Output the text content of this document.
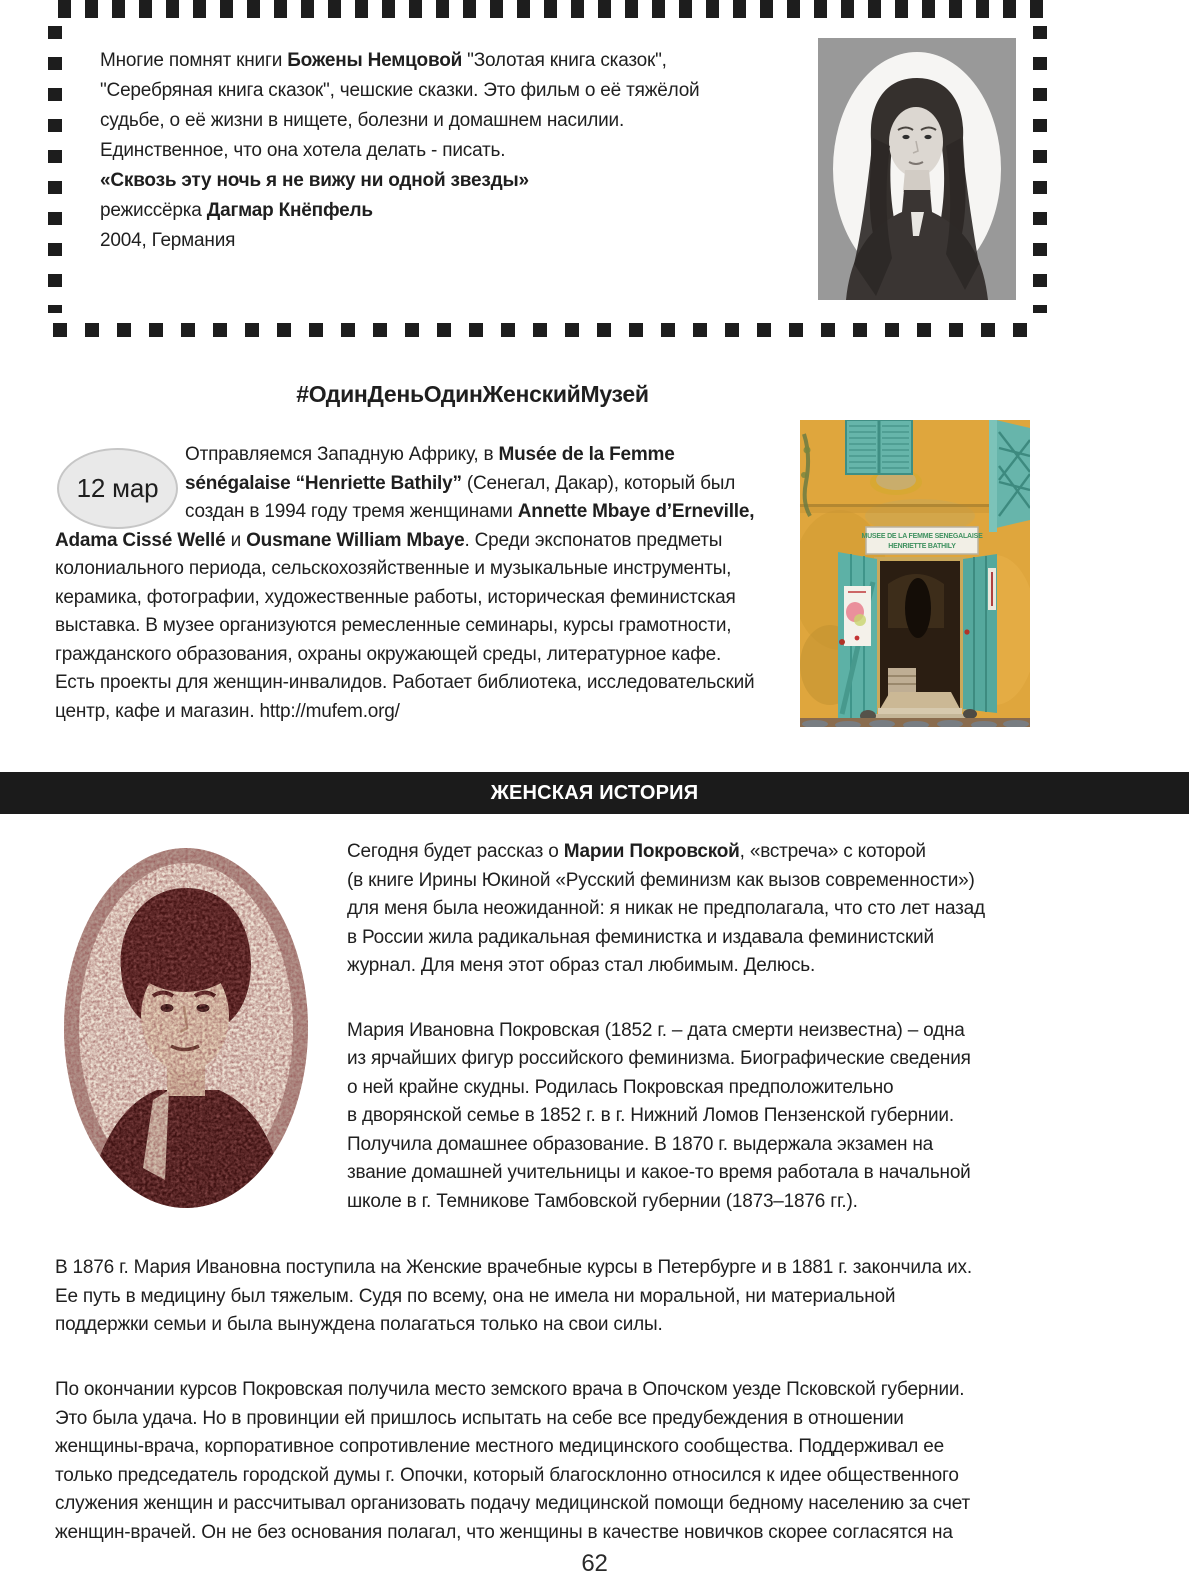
Многие помнят книги Божены Немцовой "Золотая книга сказок",
"Серебряная книга сказок", чешские сказки. Это фильм о её тяжёлой
судьбе, о её жизни в нищете, болезни и домашнем насилии.
Единственное, что она хотела делать - писать.
«Сквозь эту ночь я не вижу ни одной звезды»
режиссёрка Дагмар Кнёпфель
2004, Германия
#ОдинДеньОдинЖенскийМузей
12 мар
MUSEE DE LA FEMME SENEGALAISE
HENRIETTE BATHILY
Отправляемся Западную Африку, в Musée de la Femme
sénégalaise “Henriette Bathily” (Сенегал, Дакар), который был
создан в 1994 году тремя женщинами Annette Mbaye d’Erneville,
Adama Cissé Wellé и Ousmane William Mbaye. Среди экспонатов предметы
колониального периода, сельскохозяйственные и музыкальные инструменты,
керамика, фотографии, художественные работы, историческая феминистская
выставка. В музее организуются ремесленные семинары, курсы грамотности,
гражданского образования, охраны окружающей среды, литературное кафе.
Есть проекты для женщин-инвалидов. Работает библиотека, исследовательский
центр, кафе и магазин. http://mufem.org/
ЖЕНСКАЯ ИСТОРИЯ
Сегодня будет рассказ о Марии Покровской, «встреча» с которой
(в книге Ирины Юкиной «Русский феминизм как вызов современности»)
для меня была неожиданной: я никак не предполагала, что сто лет назад
в России жила радикальная феминистка и издавала феминистский
журнал. Для меня этот образ стал любимым. Делюсь.
Мария Ивановна Покровская (1852 г. – дата смерти неизвестна) – одна
из ярчайших фигур российского феминизма. Биографические сведения
о ней крайне скудны. Родилась Покровская предположительно
в дворянской семье в 1852 г. в г. Нижний Ломов Пензенской губернии.
Получила домашнее образование. В 1870 г. выдержала экзамен на
звание домашней учительницы и какое-то время работала в начальной
школе в г. Темникове Тамбовской губернии (1873–1876 гг.).
В 1876 г. Мария Ивановна поступила на Женские врачебные курсы в Петербурге и в 1881 г. закончила их.
Ее путь в медицину был тяжелым. Судя по всему, она не имела ни моральной, ни материальной
поддержки семьи и была вынуждена полагаться только на свои силы.
По окончании курсов Покровская получила место земского врача в Опочском уезде Псковской губернии.
Это была удача. Но в провинции ей пришлось испытать на себе все предубеждения в отношении
женщины-врача, корпоративное сопротивление местного медицинского сообщества. Поддерживал ее
только председатель городской думы г. Опочки, который благосклонно относился к идее общественного
служения женщин и рассчитывал организовать подачу медицинской помощи бедному населению за счет
женщин-врачей. Он не без основания полагал, что женщины в качестве новичков скорее согласятся на
62
